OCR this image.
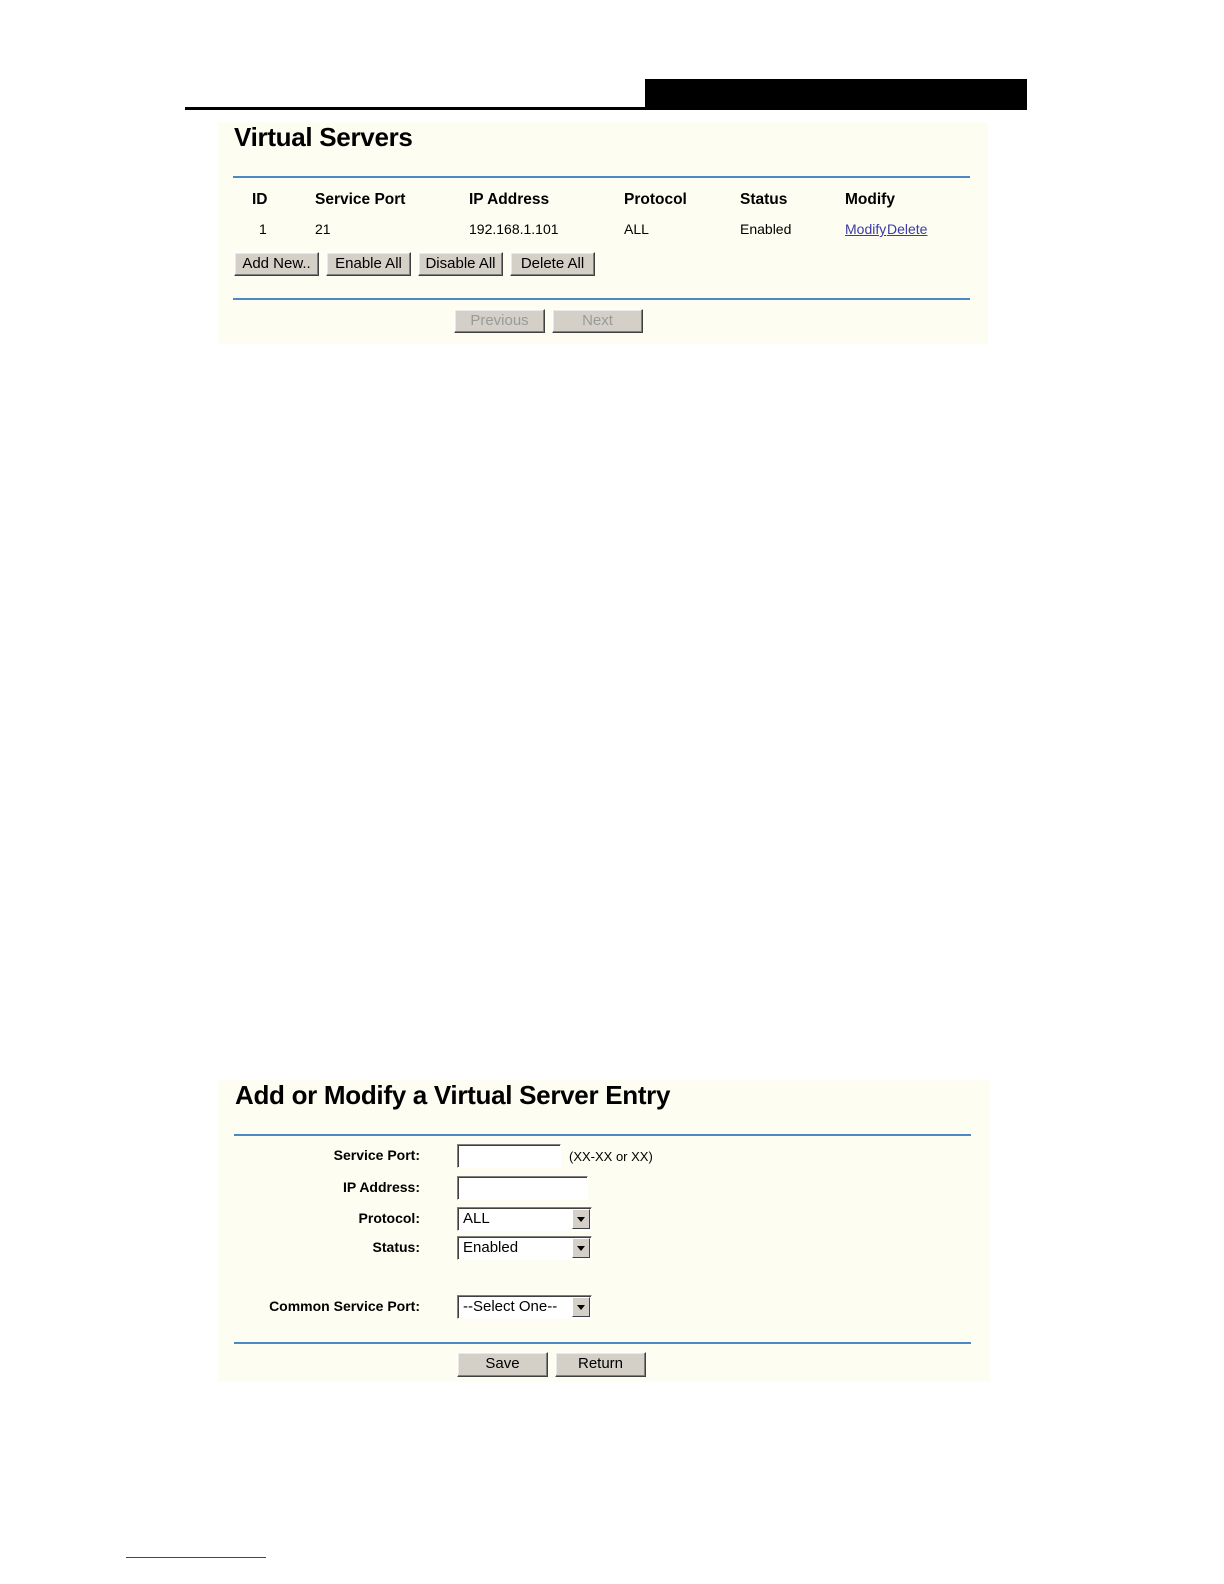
Virtual Servers
ID	Service Port	IP Address	Protocol	Status	Modify
1	21	192.168.1.101	ALL	Enabled	Modify Delete
Add New..	Enable All	Disable All	Delete All
Previous	Next
Add or Modify a Virtual Server Entry
Service Port:	(XX-XX or XX)
IP Address:
Protocol:	ALL
Status:	Enabled
Common Service Port:	--Select One--
Save	Return
